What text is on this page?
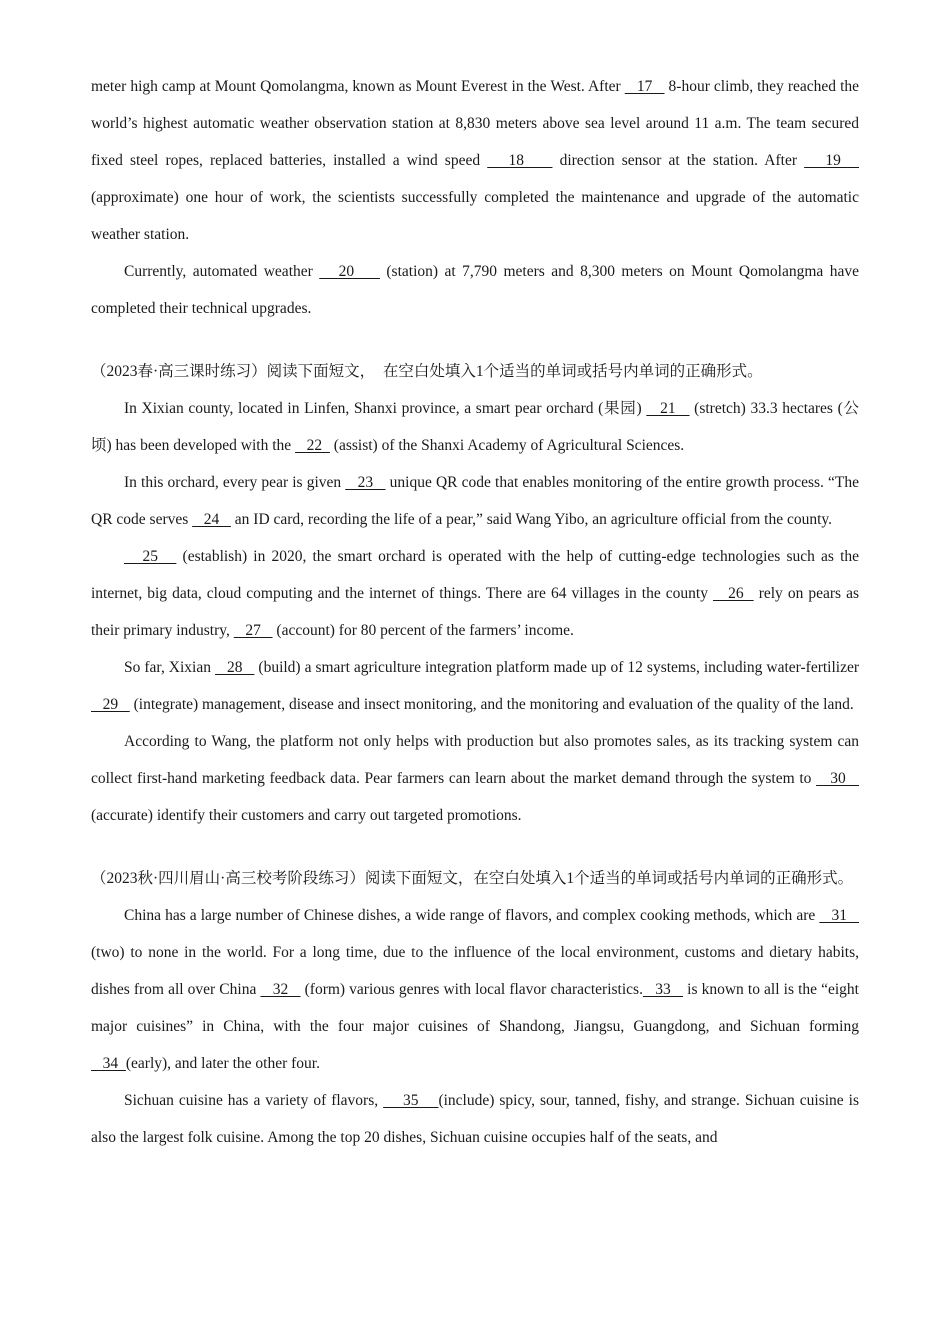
meter high camp at Mount Qomolangma, known as Mount Everest in the West. After    17    8-hour climb, they reached the world’s highest automatic weather observation station at 8,830 meters above sea level around 11 a.m. The team secured fixed steel ropes, replaced batteries, installed a wind speed    18     direction sensor at the station. After    19    (approximate) one hour of work, the scientists successfully completed the maintenance and upgrade of the automatic weather station.

Currently, automated weather    20     (station) at 7,790 meters and 8,300 meters on Mount Qomolangma have completed their technical upgrades.

（2023春·高三课时练习）阅读下面短文，　在空白处填入1个适当的单词或括号内单词的正确形式。

In Xixian county, located in Linfen, Shanxi province, a smart pear orchard (果园)    21    (stretch) 33.3 hectares (公顷) has been developed with the    22   (assist) of the Shanxi Academy of Agricultural Sciences.

In this orchard, every pear is given    23    unique QR code that enables monitoring of the entire growth process. “The QR code serves    24    an ID card, recording the life of a pear,” said Wang Yibo, an agriculture official from the county.

25    (establish) in 2020, the smart orchard is operated with the help of cutting-edge technologies such as the internet, big data, cloud computing and the internet of things. There are 64 villages in the county    26   rely on pears as their primary industry,    27    (account) for 80 percent of the farmers’ income.

So far, Xixian    28    (build) a smart agriculture integration platform made up of 12 systems, including water-fertilizer    29    (integrate) management, disease and insect monitoring, and the monitoring and evaluation of the quality of the land.

According to Wang, the platform not only helps with production but also promotes sales, as its tracking system can collect first-hand marketing feedback data. Pear farmers can learn about the market demand through the system to    30    (accurate) identify their customers and carry out targeted promotions.

（2023秋·四川眉山·高三校考阶段练习）阅读下面短文，在空白处填入1个适当的单词或括号内单词的正确形式。

China has a large number of Chinese dishes, a wide range of flavors, and complex cooking methods, which are    31    (two) to none in the world. For a long time, due to the influence of the local environment, customs and dietary habits, dishes from all over China    32    (form) various genres with local flavor characteristics.   33    is known to all is the “eight major cuisines” in China, with the four major cuisines of Shandong, Jiangsu, Guangdong, and Sichuan forming    34  (early), and later the other four.

Sichuan cuisine has a variety of flavors,     35    (include) spicy, sour, tanned, fishy, and strange. Sichuan cuisine is also the largest folk cuisine. Among the top 20 dishes, Sichuan cuisine occupies half of the seats, and
